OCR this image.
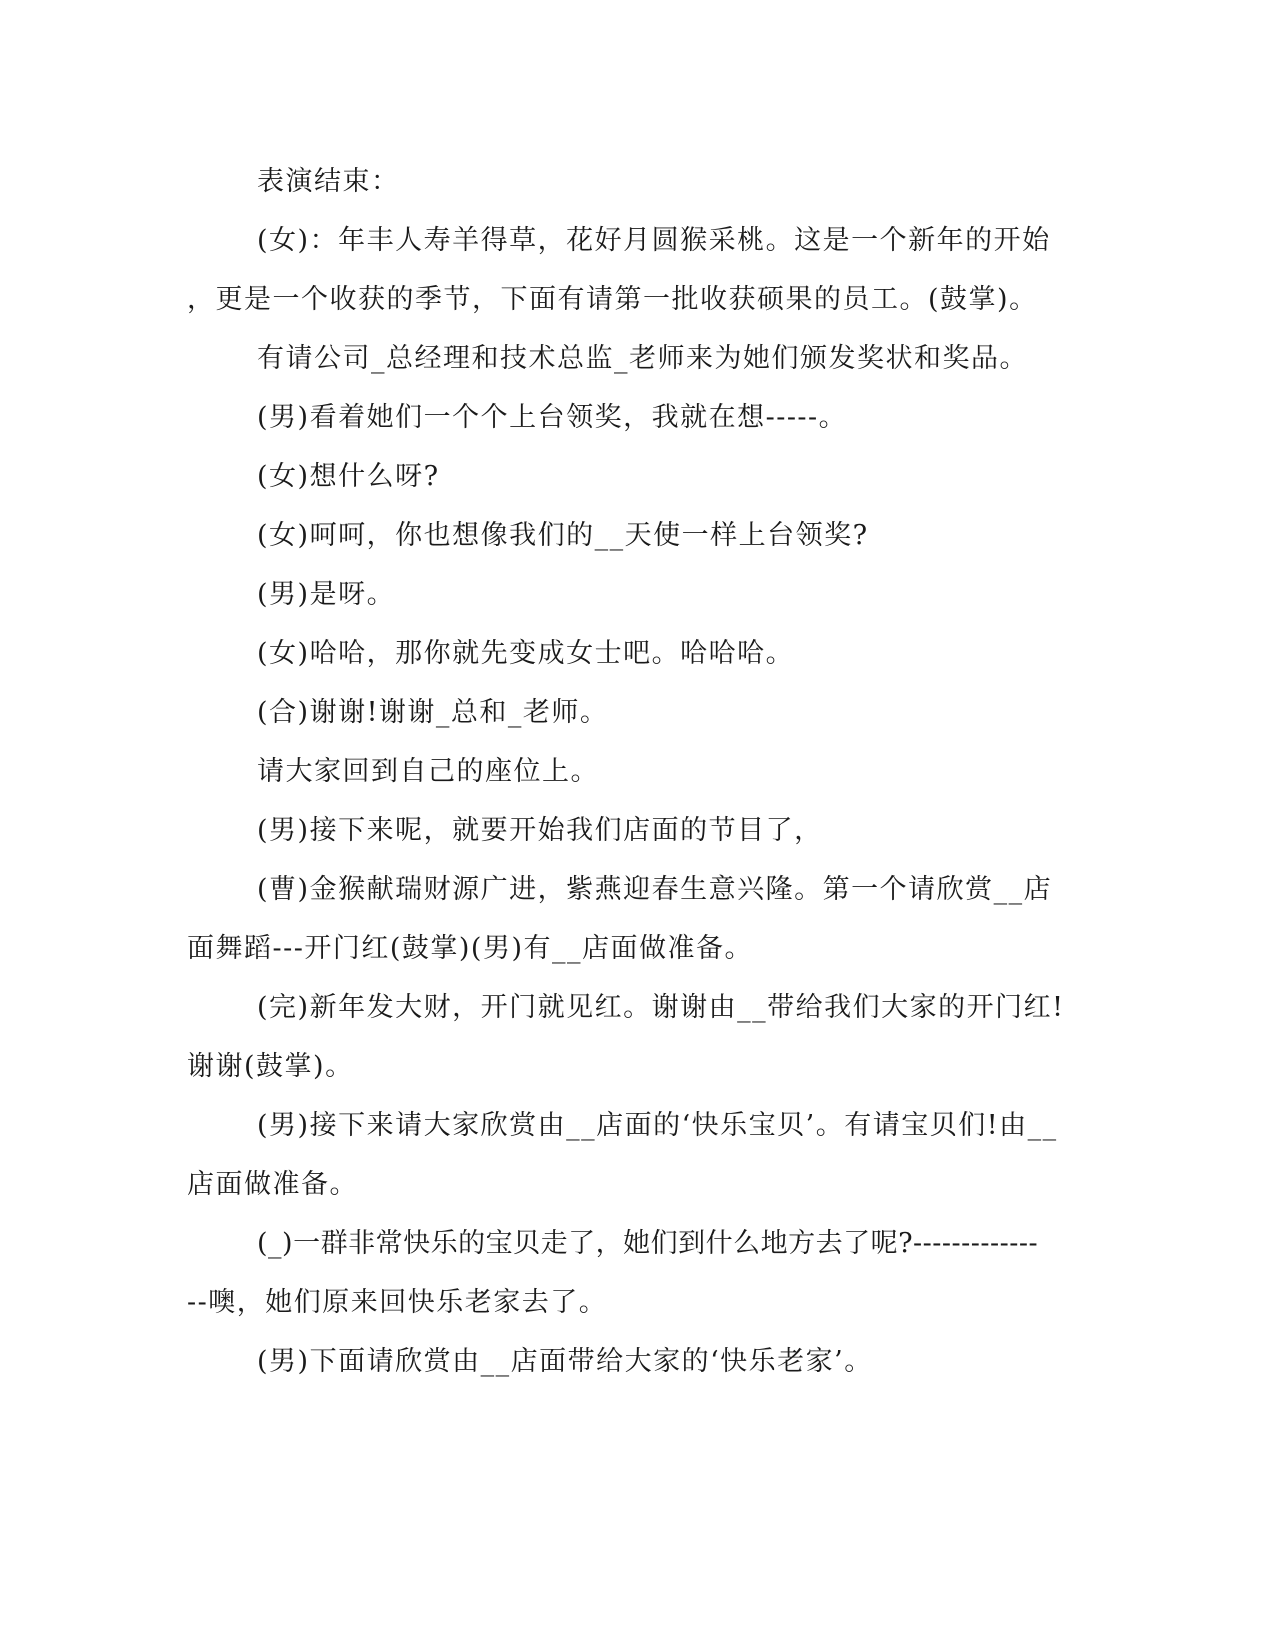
表演结束：
(女)：年丰人寿羊得草，花好月圆猴采桃。这是一个新年的开始
，更是一个收获的季节，下面有请第一批收获硕果的员工。(鼓掌)。
有请公司_总经理和技术总监_老师来为她们颁发奖状和奖品。
(男)看着她们一个个上台领奖，我就在想-----。
(女)想什么呀?
(女)呵呵，你也想像我们的__天使一样上台领奖?
(男)是呀。
(女)哈哈，那你就先变成女士吧。哈哈哈。
(合)谢谢!谢谢_总和_老师。
请大家回到自己的座位上。
(男)接下来呢，就要开始我们店面的节目了，
(曹)金猴献瑞财源广进，紫燕迎春生意兴隆。第一个请欣赏__店
面舞蹈---开门红(鼓掌)(男)有__店面做准备。
(完)新年发大财，开门就见红。谢谢由__带给我们大家的开门红!
谢谢(鼓掌)。
(男)接下来请大家欣赏由__店面的‘快乐宝贝’。有请宝贝们!由__
店面做准备。
(_)一群非常快乐的宝贝走了，她们到什么地方去了呢?-------------
--噢，她们原来回快乐老家去了。
(男)下面请欣赏由__店面带给大家的‘快乐老家’。
